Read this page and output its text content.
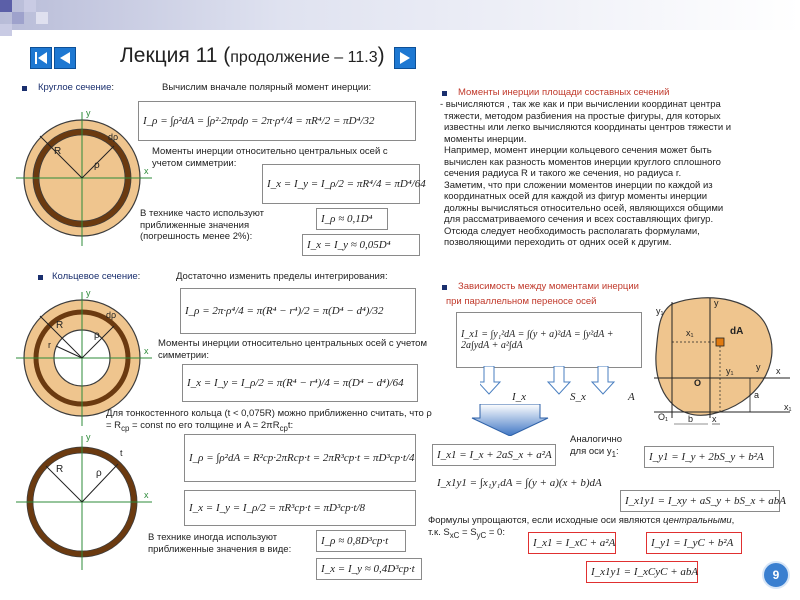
Лекция 11 (продолжение – 11.3)
Круглое сечение:	Вычислим вначале полярный момент инерции:
y
x
R
ρ
dρ
I_ρ = ∫ρ²dA = ∫ρ²·2πρdρ = 2π·ρ⁴/4 = πR⁴/2 = πD⁴/32
Моменты инерции относительно центральных осей с учетом симметрии:
I_x = I_y = I_ρ/2 = πR⁴/4 = πD⁴/64
В технике часто используют приближенные значения (погрешность менее 2%):
I_ρ ≈ 0,1D⁴
I_x = I_y ≈ 0,05D⁴
Кольцевое сечение:	Достаточно изменить пределы интегрирования:
y
x
R
r
ρ
dρ	I_ρ = 2π·ρ⁴/4 = π(R⁴ − r⁴)/2 = π(D⁴ − d⁴)/32
Моменты инерции относительно центральных осей с учетом симметрии:
I_x = I_y = I_ρ/2 = π(R⁴ − r⁴)/4 = π(D⁴ − d⁴)/64
Для тонкостенного кольца (t < 0,075R) можно приближенно считать, что $\rho = R_{ср}$ = const по его толщине и $A = 2\pi R_{ср}t$:
y
x
R	ρ
t	I_ρ = ∫ρ²dA = R²ср·2πRср·t = 2πR³ср·t = πD³ср·t/4
I_x = I_y = I_ρ/2 = πR³ср·t = πD³ср·t/8
В технике иногда используют приближенные значения в виде:
I_ρ ≈ 0,8D³ср·t
I_x = I_y ≈ 0,4D³ср·t
Моменты инерции площади составных сечений
- вычисляются , так же как и при вычислении координат центра
тяжести, методом разбиения на простые фигуры, для которых
известны или легко вычисляются координаты центров тяжести и
моменты инерции.
Например, момент инерции кольцевого сечения может быть
вычислен как разность моментов инерции круглого сплошного
сечения радиуса R и такого же сечения, но радиуса r.
Заметим, что при сложении моментов инерции по каждой из
координатных осей для каждой из фигур моменты инерции
должны вычисляться относительно осей, являющихся общими
для рассматриваемого сечения и всех составляющих фигур.
Отсюда следует необходимость располагать формулами,
позволяющими переходить от одних осей к другим.
Зависимость между моментами инерции
при параллельном переносе осей
I_x1 = ∫y₁²dA = ∫(y + a)²dA = ∫y²dA + 2a∫ydA + a²∫dA
I_x	S_x	A
I_x1 = I_x + 2aS_x + a²A
Аналогично
для оси $y_1$:	I_y1 = I_y + 2bS_y + b²A
I_x1y1 = ∫x₁y₁dA = ∫(y + a)(x + b)dA
I_x1y1 = I_xy + aS_y + bS_x + abA
Формулы упрощаются, если исходные оси являются центральными,
т.к. $S_{xC} = S_{yC} = 0$:
I_x1 = I_xC + a²A	I_y1 = I_yC + b²A
I_x1y1 = I_xCyC + abA
y₁
y
x₁	dA
y₁ y x
a
O
O₁ b x
x₁
9
